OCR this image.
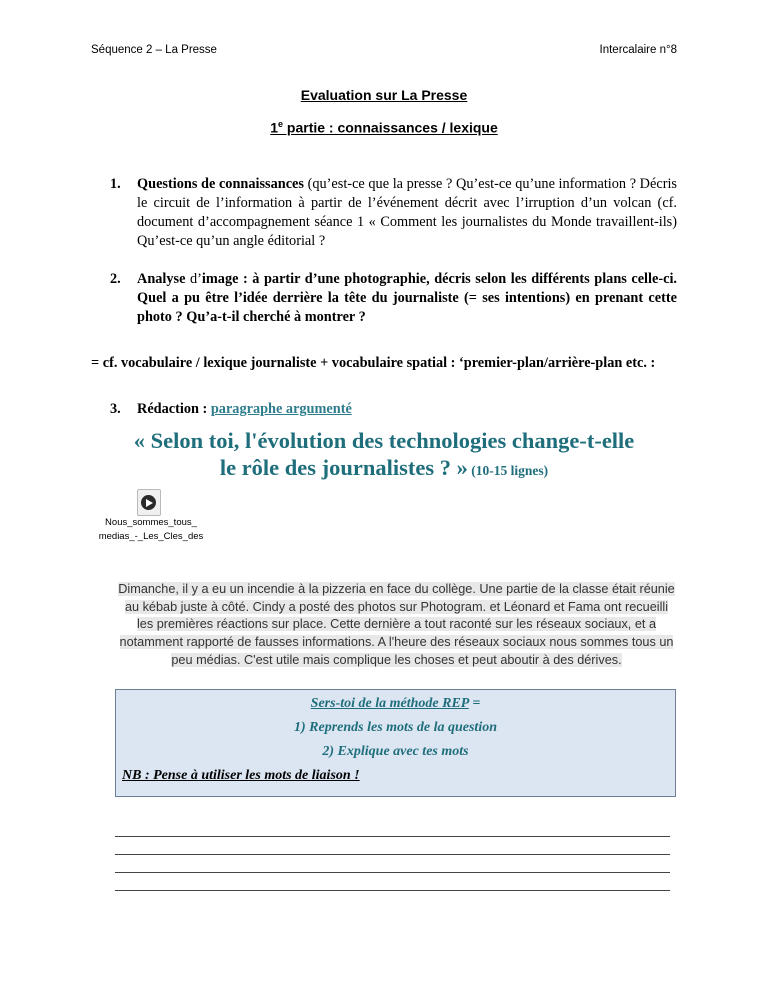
Séquence 2 – La Presse	Intercalaire n°8
Evaluation sur La Presse
1e partie : connaissances / lexique
1. Questions de connaissances (qu’est-ce que la presse ? Qu’est-ce qu’une information ? Décris le circuit de l’information à partir de l’événement décrit avec l’irruption d’un volcan (cf. document d’accompagnement séance 1 « Comment les journalistes du Monde travaillent-ils) Qu’est-ce qu’un angle éditorial ?
2. Analyse d’image : à partir d’une photographie, décris selon les différents plans celle-ci. Quel a pu être l’idée derrière la tête du journaliste (= ses intentions) en prenant cette photo ? Qu’a-t-il cherché à montrer ?
= cf. vocabulaire / lexique journaliste + vocabulaire spatial : ‘premier-plan/arrière-plan etc. :
3. Rédaction : paragraphe argumenté
« Selon toi, l'évolution des technologies change-t-elle
le rôle des journalistes ? » (10-15 lignes)
Nous_sommes_tous_
medias_-_Les_Cles_des
Dimanche, il y a eu un incendie à la pizzeria en face du collège. Une partie de la classe était réunie au kébab juste à côté. Cindy a posté des photos sur Photogram. et Léonard et Fama ont recueilli les premières réactions sur place. Cette dernière a tout raconté sur les réseaux sociaux, et a notamment rapporté de fausses informations. A l'heure des réseaux sociaux nous sommes tous un peu médias. C'est utile mais complique les choses et peut aboutir à des dérives.
Sers-toi de la méthode REP =
1) Reprends les mots de la question
2) Explique avec tes mots
NB : Pense à utiliser les mots de liaison !
